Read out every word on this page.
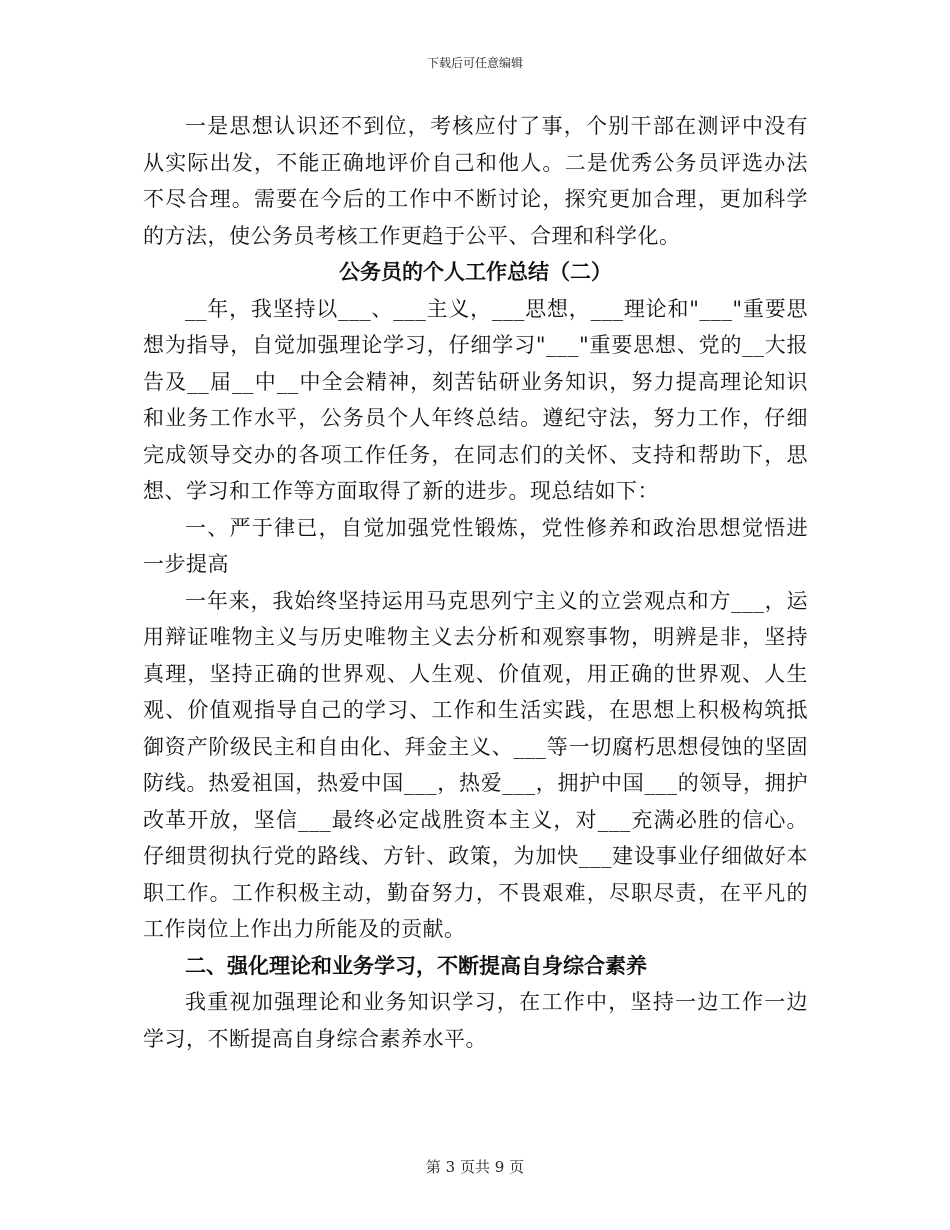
下载后可任意编辑

一是思想认识还不到位，考核应付了事，个别干部在测评中没有从实际出发，不能正确地评价自己和他人。二是优秀公务员评选办法不尽合理。需要在今后的工作中不断讨论，探究更加合理，更加科学的方法，使公务员考核工作更趋于公平、合理和科学化。

公务员的个人工作总结（二）

__年，我坚持以___、___主义，___思想，___理论和"___"重要思想为指导，自觉加强理论学习，仔细学习"___"重要思想、党的__大报告及__届__中__中全会精神，刻苦钻研业务知识，努力提高理论知识和业务工作水平，公务员个人年终总结。遵纪守法，努力工作，仔细完成领导交办的各项工作任务，在同志们的关怀、支持和帮助下，思想、学习和工作等方面取得了新的进步。现总结如下：

一、严于律已，自觉加强党性锻炼，党性修养和政治思想觉悟进一步提高

一年来，我始终坚持运用马克思列宁主义的立尝观点和方___，运用辩证唯物主义与历史唯物主义去分析和观察事物，明辨是非，坚持真理，坚持正确的世界观、人生观、价值观，用正确的世界观、人生观、价值观指导自己的学习、工作和生活实践，在思想上积极构筑抵御资产阶级民主和自由化、拜金主义、___等一切腐朽思想侵蚀的坚固防线。热爱祖国，热爱中国___，热爱___，拥护中国___的领导，拥护改革开放，坚信___最终必定战胜资本主义，对___充满必胜的信心。仔细贯彻执行党的路线、方针、政策，为加快___建设事业仔细做好本职工作。工作积极主动，勤奋努力，不畏艰难，尽职尽责，在平凡的工作岗位上作出力所能及的贡献。

二、强化理论和业务学习，不断提高自身综合素养

我重视加强理论和业务知识学习，在工作中，坚持一边工作一边学习，不断提高自身综合素养水平。

第 3 页共 9 页
